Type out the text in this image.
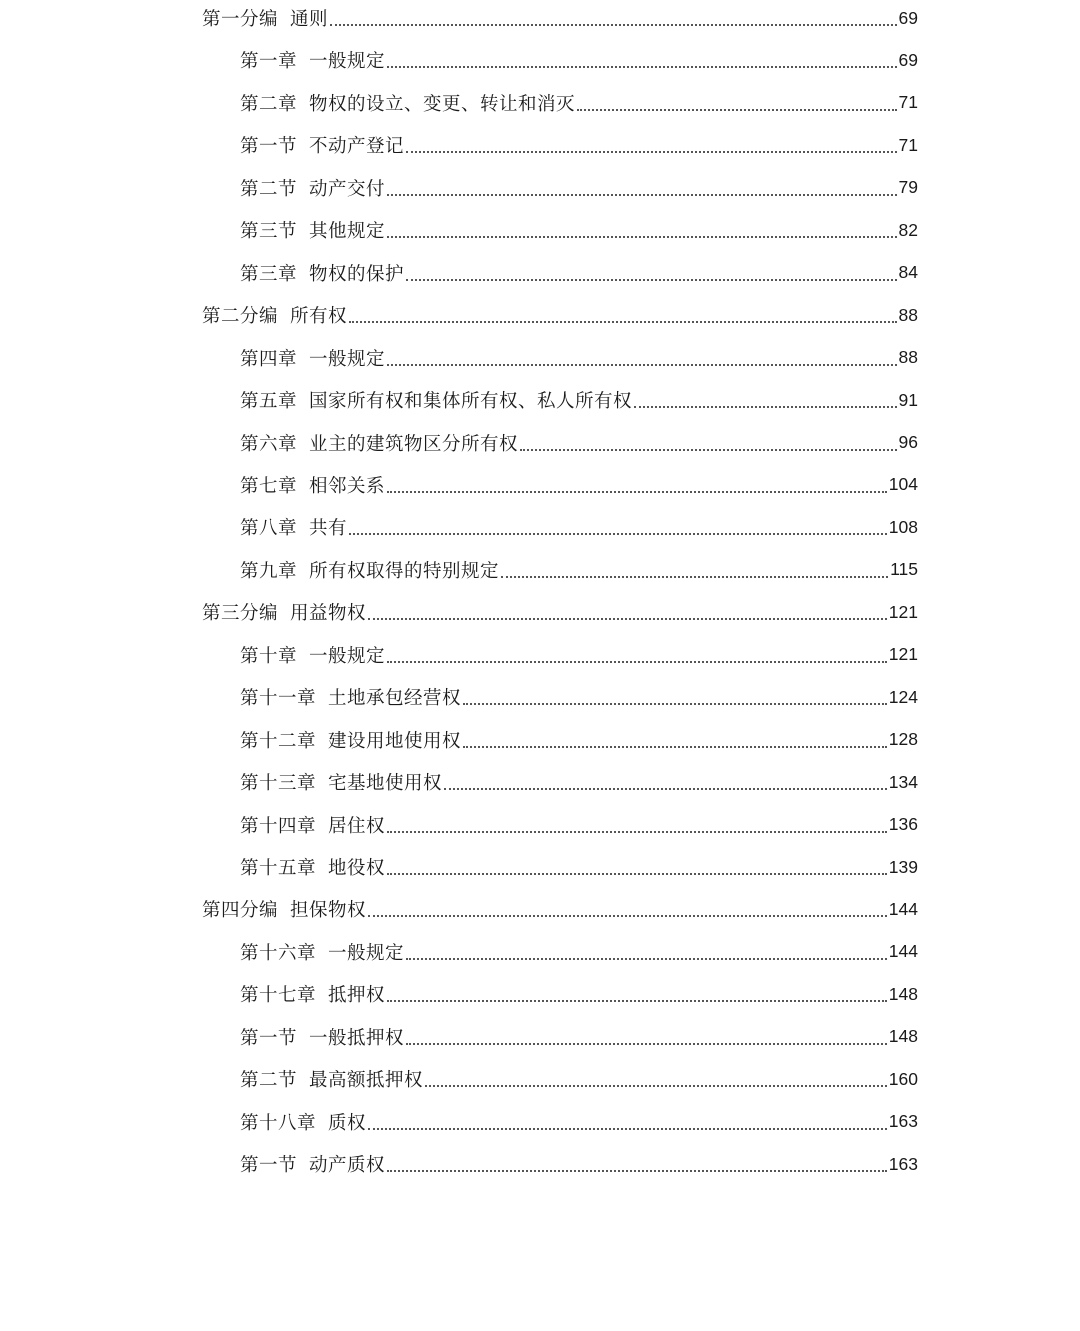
第一分编 通则	69
第一章 一般规定	69
第二章 物权的设立、变更、转让和消灭	71
第一节 不动产登记	71
第二节 动产交付	79
第三节 其他规定	82
第三章 物权的保护	84
第二分编 所有权	88
第四章 一般规定	88
第五章 国家所有权和集体所有权、私人所有权	91
第六章 业主的建筑物区分所有权	96
第七章 相邻关系	104
第八章 共有	108
第九章 所有权取得的特别规定	115
第三分编 用益物权	121
第十章 一般规定	121
第十一章 土地承包经营权	124
第十二章 建设用地使用权	128
第十三章 宅基地使用权	134
第十四章 居住权	136
第十五章 地役权	139
第四分编 担保物权	144
第十六章 一般规定	144
第十七章 抵押权	148
第一节 一般抵押权	148
第二节 最高额抵押权	160
第十八章 质权	163
第一节 动产质权	163
